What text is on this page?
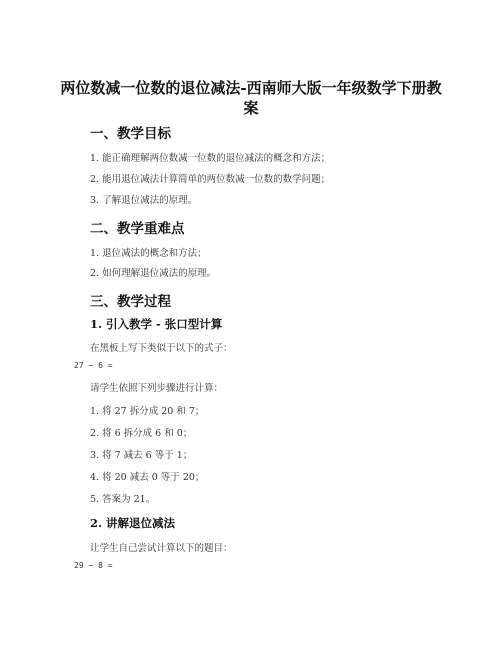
两位数减一位数的退位减法-西南师大版一年级数学下册教案
一、教学目标
1. 能正确理解两位数减一位数的退位减法的概念和方法；
2. 能用退位减法计算简单的两位数减一位数的数学问题；
3. 了解退位减法的原理。
二、教学重难点
1. 退位减法的概念和方法；
2. 如何理解退位减法的原理。
三、教学过程
1. 引入教学 - 张口型计算
在黑板上写下类似于以下的式子：
27 − 6 =
请学生依照下列步骤进行计算：
1. 将 27 拆分成 20 和 7；
2. 将 6 拆分成 6 和 0；
3. 将 7 减去 6 等于 1；
4. 将 20 减去 0 等于 20；
5. 答案为 21。
2. 讲解退位减法
让学生自己尝试计算以下的题目：
29 − 8 =
